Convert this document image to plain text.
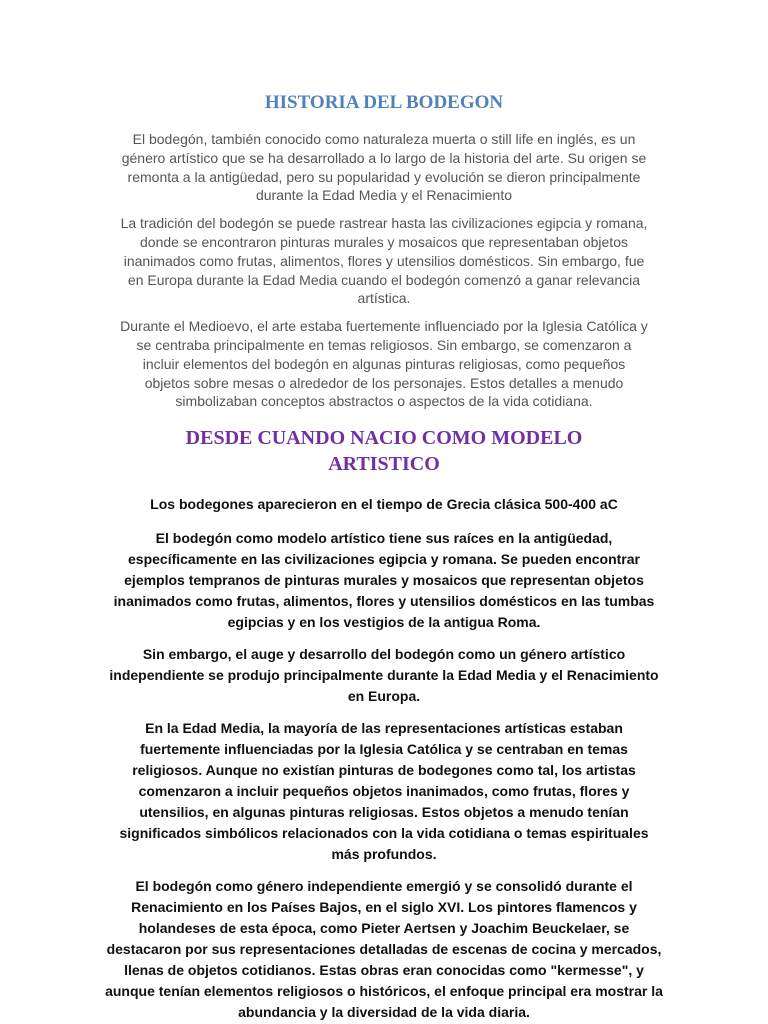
HISTORIA DEL BODEGON

El bodegón, también conocido como naturaleza muerta o still life en inglés, es un género artístico que se ha desarrollado a lo largo de la historia del arte. Su origen se remonta a la antigüedad, pero su popularidad y evolución se dieron principalmente durante la Edad Media y el Renacimiento

La tradición del bodegón se puede rastrear hasta las civilizaciones egipcia y romana, donde se encontraron pinturas murales y mosaicos que representaban objetos inanimados como frutas, alimentos, flores y utensilios domésticos. Sin embargo, fue en Europa durante la Edad Media cuando el bodegón comenzó a ganar relevancia artística.

Durante el Medioevo, el arte estaba fuertemente influenciado por la Iglesia Católica y se centraba principalmente en temas religiosos. Sin embargo, se comenzaron a incluir elementos del bodegón en algunas pinturas religiosas, como pequeños objetos sobre mesas o alrededor de los personajes. Estos detalles a menudo simbolizaban conceptos abstractos o aspectos de la vida cotidiana.

DESDE CUANDO NACIO COMO MODELO ARTISTICO

Los bodegones aparecieron en el tiempo de Grecia clásica 500-400 aC

El bodegón como modelo artístico tiene sus raíces en la antigüedad, específicamente en las civilizaciones egipcia y romana. Se pueden encontrar ejemplos tempranos de pinturas murales y mosaicos que representan objetos inanimados como frutas, alimentos, flores y utensilios domésticos en las tumbas egipcias y en los vestigios de la antigua Roma.

Sin embargo, el auge y desarrollo del bodegón como un género artístico independiente se produjo principalmente durante la Edad Media y el Renacimiento en Europa.

En la Edad Media, la mayoría de las representaciones artísticas estaban fuertemente influenciadas por la Iglesia Católica y se centraban en temas religiosos. Aunque no existían pinturas de bodegones como tal, los artistas comenzaron a incluir pequeños objetos inanimados, como frutas, flores y utensilios, en algunas pinturas religiosas. Estos objetos a menudo tenían significados simbólicos relacionados con la vida cotidiana o temas espirituales más profundos.

El bodegón como género independiente emergió y se consolidó durante el Renacimiento en los Países Bajos, en el siglo XVI. Los pintores flamencos y holandeses de esta época, como Pieter Aertsen y Joachim Beuckelaer, se destacaron por sus representaciones detalladas de escenas de cocina y mercados, llenas de objetos cotidianos. Estas obras eran conocidas como "kermesse", y aunque tenían elementos religiosos o históricos, el enfoque principal era mostrar la abundancia y la diversidad de la vida diaria.
